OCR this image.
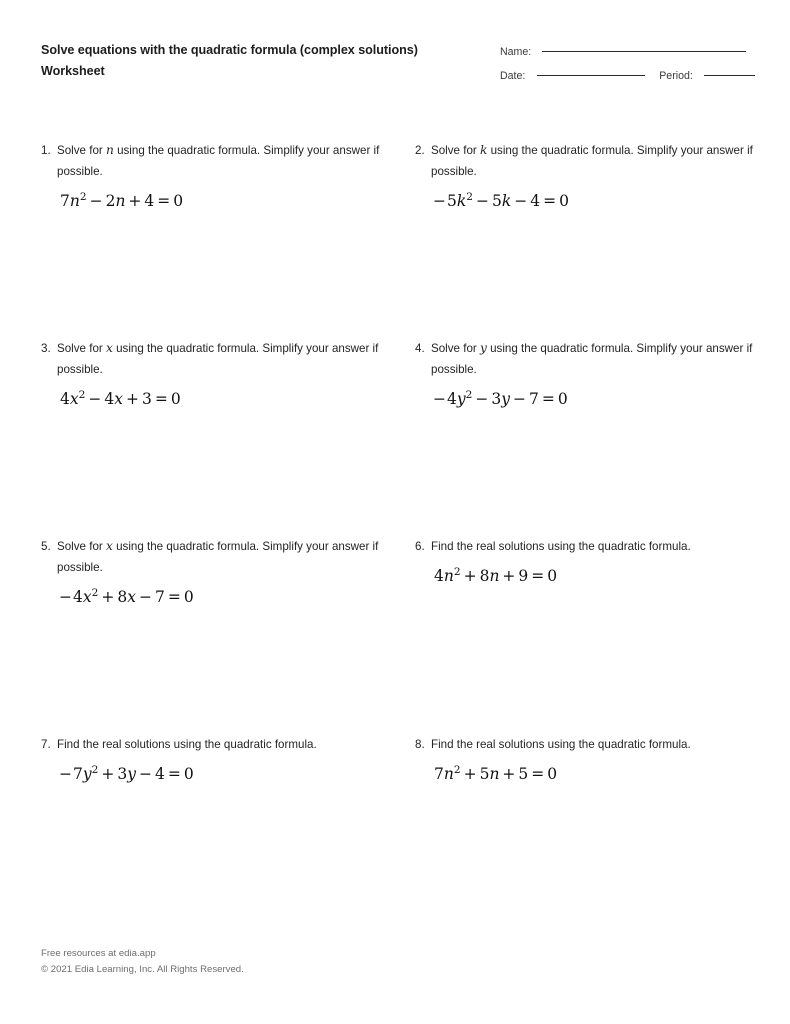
Solve equations with the quadratic formula (complex solutions)
Worksheet
Name:
Date:	Period:
1. Solve for n using the quadratic formula. Simplify your answer if possible.
$7n^2 - 2n + 4 = 0$
2. Solve for k using the quadratic formula. Simplify your answer if possible.
$-5k^2 - 5k - 4 = 0$
3. Solve for x using the quadratic formula. Simplify your answer if possible.
$4x^2 - 4x + 3 = 0$
4. Solve for y using the quadratic formula. Simplify your answer if possible.
$-4y^2 - 3y - 7 = 0$
5. Solve for x using the quadratic formula. Simplify your answer if possible.
$-4x^2 + 8x - 7 = 0$
6. Find the real solutions using the quadratic formula.
$4n^2 + 8n + 9 = 0$
7. Find the real solutions using the quadratic formula.
$-7y^2 + 3y - 4 = 0$
8. Find the real solutions using the quadratic formula.
$7n^2 + 5n + 5 = 0$
Free resources at edia.app
© 2021 Edia Learning, Inc. All Rights Reserved.
